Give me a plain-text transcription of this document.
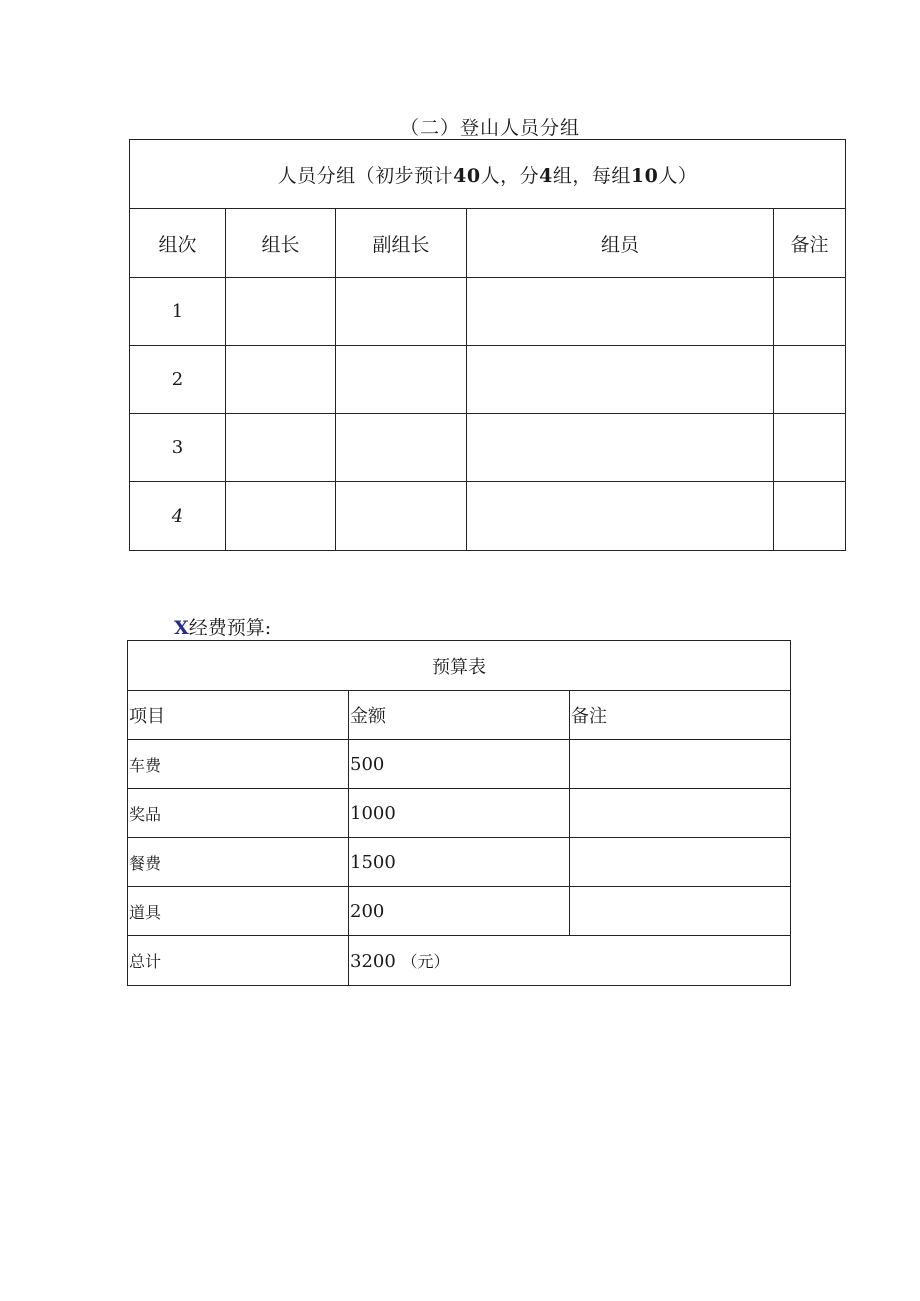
（二）登山人员分组
人员分组（初步预计40人，分4组，每组10人）				
组次	组长	副组长	组员	备注
1				
2				
3				
4				
X经费预算:
预算表		
项目	金额	备注
车费	500	
奖品	1000	
餐费	1500	
道具	200	
总计	3200 （元）	
